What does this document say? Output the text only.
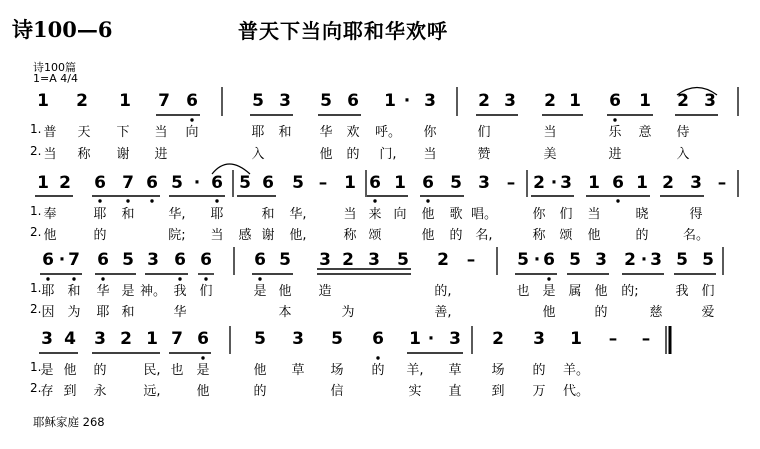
诗100—6	普天下当向耶和华欢呼
诗100篇
1=A 4/4
1 2 1 7 6	5 3 5 6 1 · 3 2 3 2 1 6 1 2 3
1. 普 天 下 当 向	耶 和 华 欢 呼。 你	们	当	乐 意 侍
2. 当 称 谢 进	入	他 的 门, 当	赞	美	进	入
1 2 6 7 6 5 · 6 5 6 5 – 1 6 1 6 5 3 – 2 · 3 1 6 1 2 3 –
1. 奉	耶 和	华, 耶	和 华,	当 来 向 他 歌 唱。	你 们 当	晓	得
2. 他	的	院; 当 感 谢 他,	称 颂	他 的 名,	称 颂 他	的	名。
6 · 7 6 5 3 6 6 6 5 3 2 3 5 2 – 5 · 6 5 3 2 · 3 5 5
1. 耶 和 华 是 神。 我 们	是 他 造	的,	也 是 属 他 的;	我 们
2. 因 为 耶 和	华	本	为	善,	他	的	慈	爱
3 4 3 2 1 7 6	5 3 5 6 1 · 3 2 3 1 – –
1. 是 他 的	民, 也 是	他 草 场 的 羊, 草 场 的 羊。
2. 存 到 永	远,	他	的	信	实 直 到 万 代。
耶稣家庭 268
